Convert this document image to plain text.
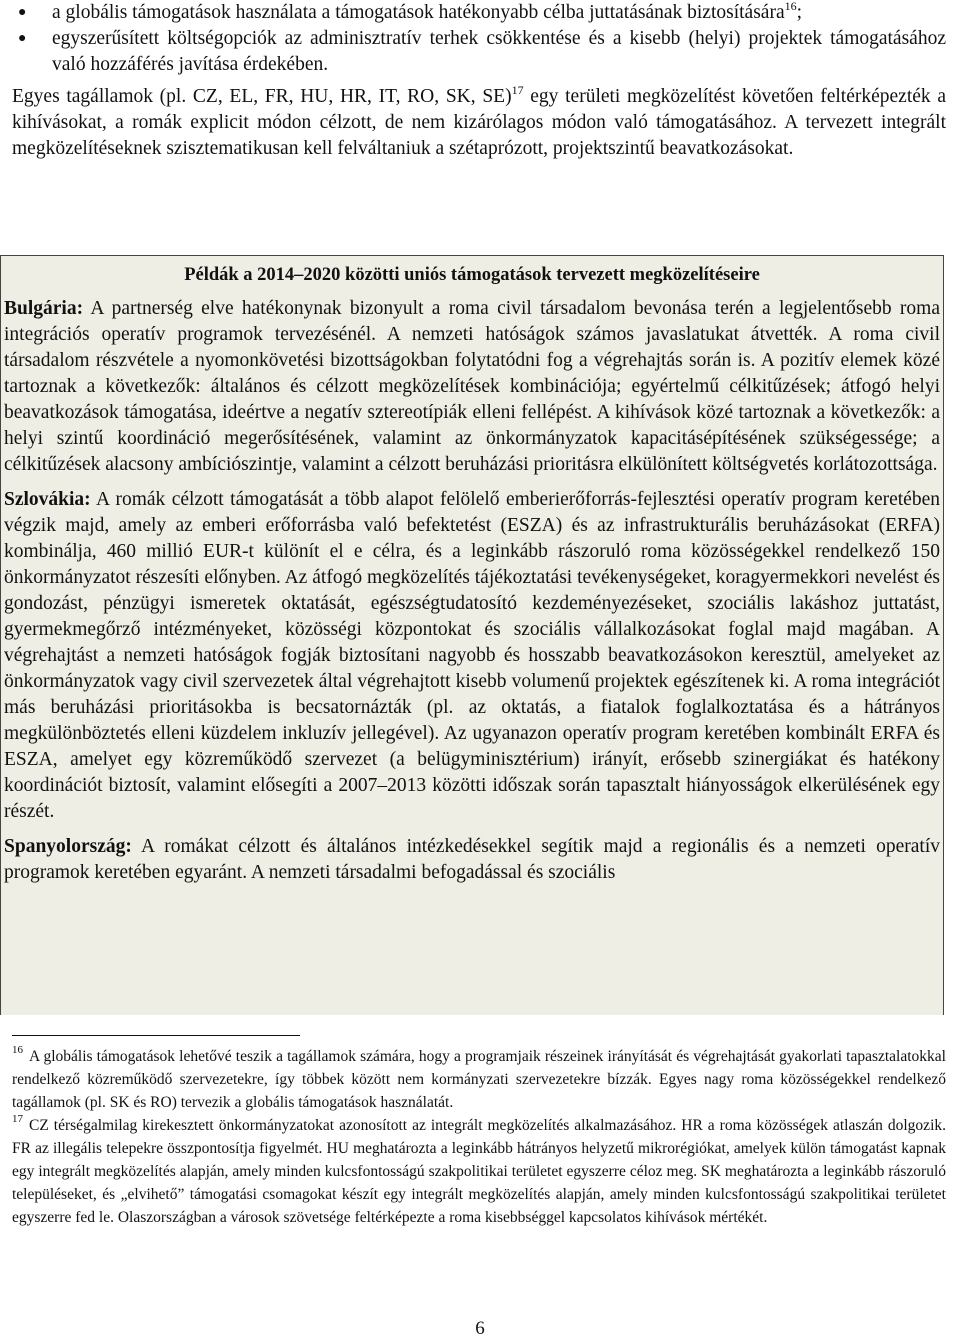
● a globális támogatások használata a támogatások hatékonyabb célba juttatásának biztosítására$^{16}$;
● egyszerűsített költségopciók az adminisztratív terhek csökkentése és a kisebb (helyi) projektek támogatásához való hozzáférés javítása érdekében.

Egyes tagállamok (pl. CZ, EL, FR, HU, HR, IT, RO, SK, SE)$^{17}$ egy területi megközelítést követően feltérképezték a kihívásokat, a romák explicit módon célzott, de nem kizárólagos módon való támogatásához. A tervezett integrált megközelítéseknek szisztematikusan kell felváltaniuk a szétaprózott, projektszintű beavatkozásokat.

Példák a 2014–2020 közötti uniós támogatások tervezett megközelítéseire

Bulgária: A partnerség elve hatékonynak bizonyult a roma civil társadalom bevonása terén a legjelentősebb roma integrációs operatív programok tervezésénél. A nemzeti hatóságok számos javaslatukat átvették. A roma civil társadalom részvétele a nyomonkövetési bizottságokban folytatódni fog a végrehajtás során is. A pozitív elemek közé tartoznak a következők: általános és célzott megközelítések kombinációja; egyértelmű célkitűzések; átfogó helyi beavatkozások támogatása, ideértve a negatív sztereotípiák elleni fellépést. A kihívások közé tartoznak a következők: a helyi szintű koordináció megerősítésének, valamint az önkormányzatok kapacitásépítésének szükségessége; a célkitűzések alacsony ambíciószintje, valamint a célzott beruházási prioritásra elkülönített költségvetés korlátozottsága.

Szlovákia: A romák célzott támogatását a több alapot felölelő emberierőforrás-fejlesztési operatív program keretében végzik majd, amely az emberi erőforrásba való befektetést (ESZA) és az infrastrukturális beruházásokat (ERFA) kombinálja, 460 millió EUR-t különít el e célra, és a leginkább rászoruló roma közösségekkel rendelkező 150 önkormányzatot részesíti előnyben. Az átfogó megközelítés tájékoztatási tevékenységeket, koragyermekkori nevelést és gondozást, pénzügyi ismeretek oktatását, egészségtudatosító kezdeményezéseket, szociális lakáshoz juttatást, gyermekmegőrző intézményeket, közösségi központokat és szociális vállalkozásokat foglal majd magában. A végrehajtást a nemzeti hatóságok fogják biztosítani nagyobb és hosszabb beavatkozásokon keresztül, amelyeket az önkormányzatok vagy civil szervezetek által végrehajtott kisebb volumenű projektek egészítenek ki. A roma integrációt más beruházási prioritásokba is becsatornázták (pl. az oktatás, a fiatalok foglalkoztatása és a hátrányos megkülönböztetés elleni küzdelem inkluzív jellegével). Az ugyanazon operatív program keretében kombinált ERFA és ESZA, amelyet egy közreműködő szervezet (a belügyminisztérium) irányít, erősebb szinergiákat és hatékony koordinációt biztosít, valamint elősegíti a 2007–2013 közötti időszak során tapasztalt hiányosságok elkerülésének egy részét.

Spanyolország: A romákat célzott és általános intézkedésekkel segítik majd a regionális és a nemzeti operatív programok keretében egyaránt. A nemzeti társadalmi befogadással és szociális

$^{16}$ A globális támogatások lehetővé teszik a tagállamok számára, hogy a programjaik részeinek irányítását és végrehajtását gyakorlati tapasztalatokkal rendelkező közreműködő szervezetekre, így többek között nem kormányzati szervezetekre bízzák. Egyes nagy roma közösségekkel rendelkező tagállamok (pl. SK és RO) tervezik a globális támogatások használatát.

$^{17}$ CZ térségalmilag kirekesztett önkormányzatokat azonosított az integrált megközelítés alkalmazásához. HR a roma közösségek atlaszán dolgozik. FR az illegális telepekre összpontosítja figyelmét. HU meghatározta a leginkább hátrányos helyzetű mikrorégiókat, amelyek külön támogatást kapnak egy integrált megközelítés alapján, amely minden kulcsfontosságú szakpolitikai területet egyszerre céloz meg. SK meghatározta a leginkább rászoruló településeket, és „elvihető” támogatási csomagokat készít egy integrált megközelítés alapján, amely minden kulcsfontosságú szakpolitikai területet egyszerre fed le. Olaszországban a városok szövetsége feltérképezte a roma kisebbséggel kapcsolatos kihívások mértékét.

6
